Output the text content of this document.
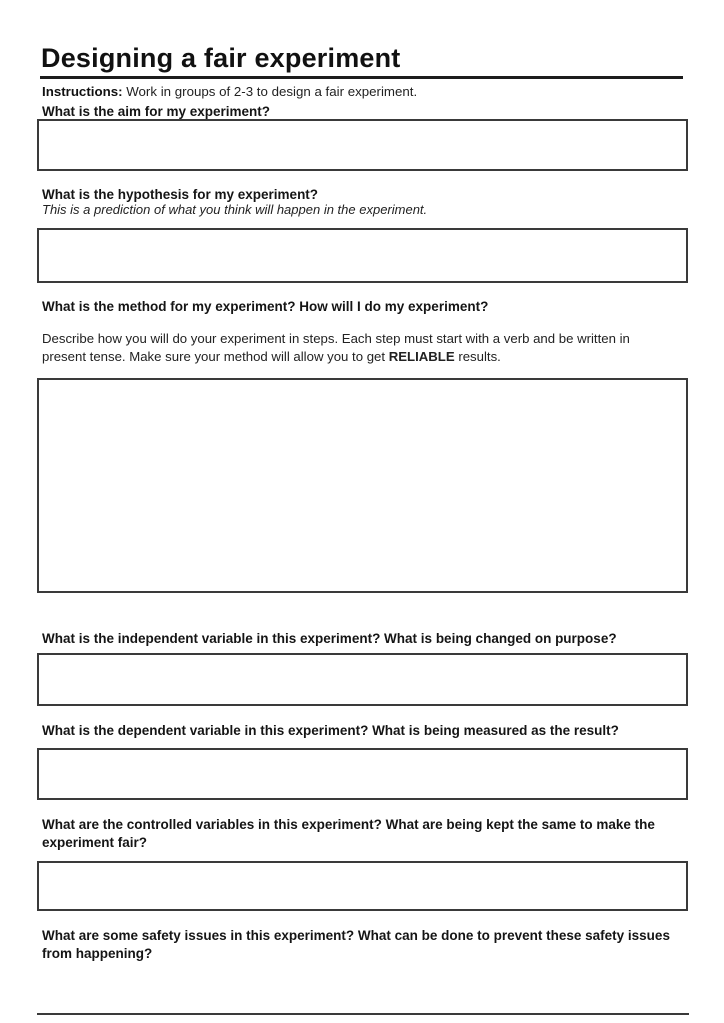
Designing a fair experiment

Instructions: Work in groups of 2-3 to design a fair experiment.

What is the aim for my experiment?

What is the hypothesis for my experiment?

This is a prediction of what you think will happen in the experiment.

What is the method for my experiment? How will I do my experiment?

Describe how you will do your experiment in steps. Each step must start with a verb and be written in
present tense. Make sure your method will allow you to get RELIABLE results.

What is the independent variable in this experiment? What is being changed on purpose?

What is the dependent variable in this experiment? What is being measured as the result?

What are the controlled variables in this experiment? What are being kept the same to make the
experiment fair?

What are some safety issues in this experiment? What can be done to prevent these safety issues
from happening?
